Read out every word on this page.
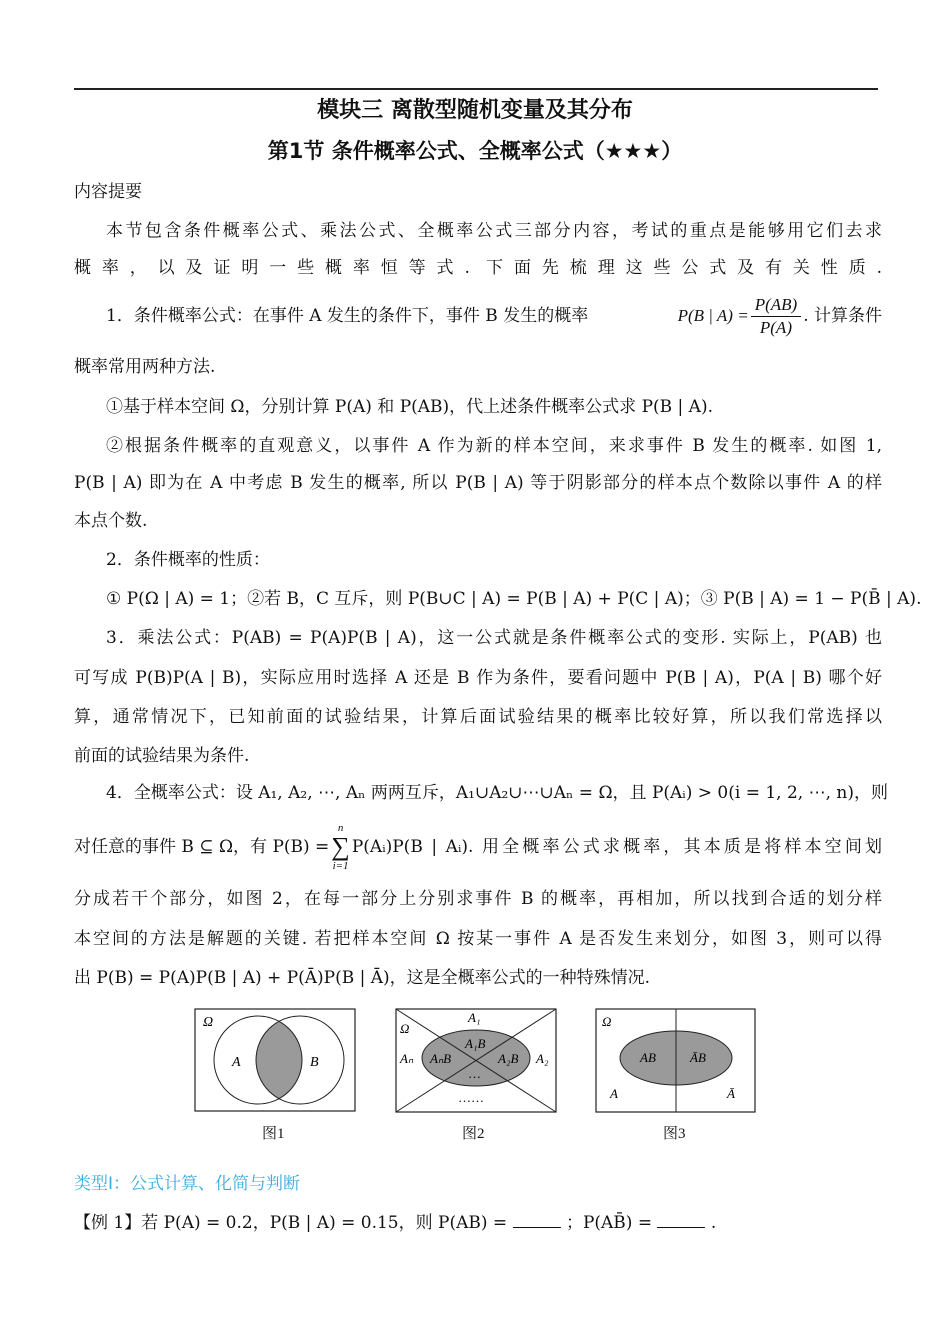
模块三 离散型随机变量及其分布
第1节 条件概率公式、全概率公式（★★★）
内容提要
本节包含条件概率公式、乘法公式、全概率公式三部分内容，考试的重点是能够用它们去求
概率，以及证明一些概率恒等式. 下面先梳理这些公式及有关性质.
1．条件概率公式：在事件 A 发生的条件下，事件 B 发生的概率	P(B | $A) = \frac{P(AB)}{P(A)}$ . 计算条件
概率常用两种方法.
①基于样本空间 Ω，分别计算 P(A) 和 P(AB)，代上述条件概率公式求 P(B | A).
②根据条件概率的直观意义，以事件 A 作为新的样本空间，来求事件 B 发生的概率. 如图 1,
P(B | A) 即为在 A 中考虑 B 发生的概率, 所以 P(B | A) 等于阴影部分的样本点个数除以事件 A 的样
本点个数.
2．条件概率的性质：
① P(Ω | A) = 1；②若 B，C 互斥，则 P(B∪C | A) = P(B | A) + P(C | A)；③ P(B | A) = 1 − P(B̄ | A).
3．乘法公式：P(AB) = P(A)P(B | A)，这一公式就是条件概率公式的变形. 实际上，P(AB) 也
可写成 P(B)P(A | B)，实际应用时选择 A 还是 B 作为条件，要看问题中 P(B | A)，P(A | B) 哪个好
算，通常情况下，已知前面的试验结果，计算后面试验结果的概率比较好算，所以我们常选择以
前面的试验结果为条件.
4．全概率公式：设 A₁, A₂, ⋯, Aₙ 两两互斥，A₁∪A₂∪⋯∪Aₙ = Ω，且 P(Aᵢ) > 0(i = 1, 2, ⋯, n)，则
对任意的事件 B ⊆ Ω，有 P(B) =
n
∑
i=1
P(Aᵢ)P(B | Aᵢ). 用全概率公式求概率，其本质是将样本空间划
分成若干个部分，如图 2，在每一部分上分别求事件 B 的概率，再相加，所以找到合适的划分样
本空间的方法是解题的关键. 若把样本空间 Ω 按某一事件 A 是否发生来划分，如图 3，则可以得
出 P(B) = P(A)P(B | A) + P(Ā)P(B | Ā)，这是全概率公式的一种特殊情况.
Ω
A	B
Ω
A₁
A₂
Aₙ
A₁B
A₂B
AₙB
…
……
Ω
AB	ĀB
A	Ā
图1	图2	图3
类型Ⅰ：公式计算、化简与判断
【例 1】若 P(A) = 0.2，P(B | A) = 0.15，则 P(AB) =	；P(AB̄) =	.
